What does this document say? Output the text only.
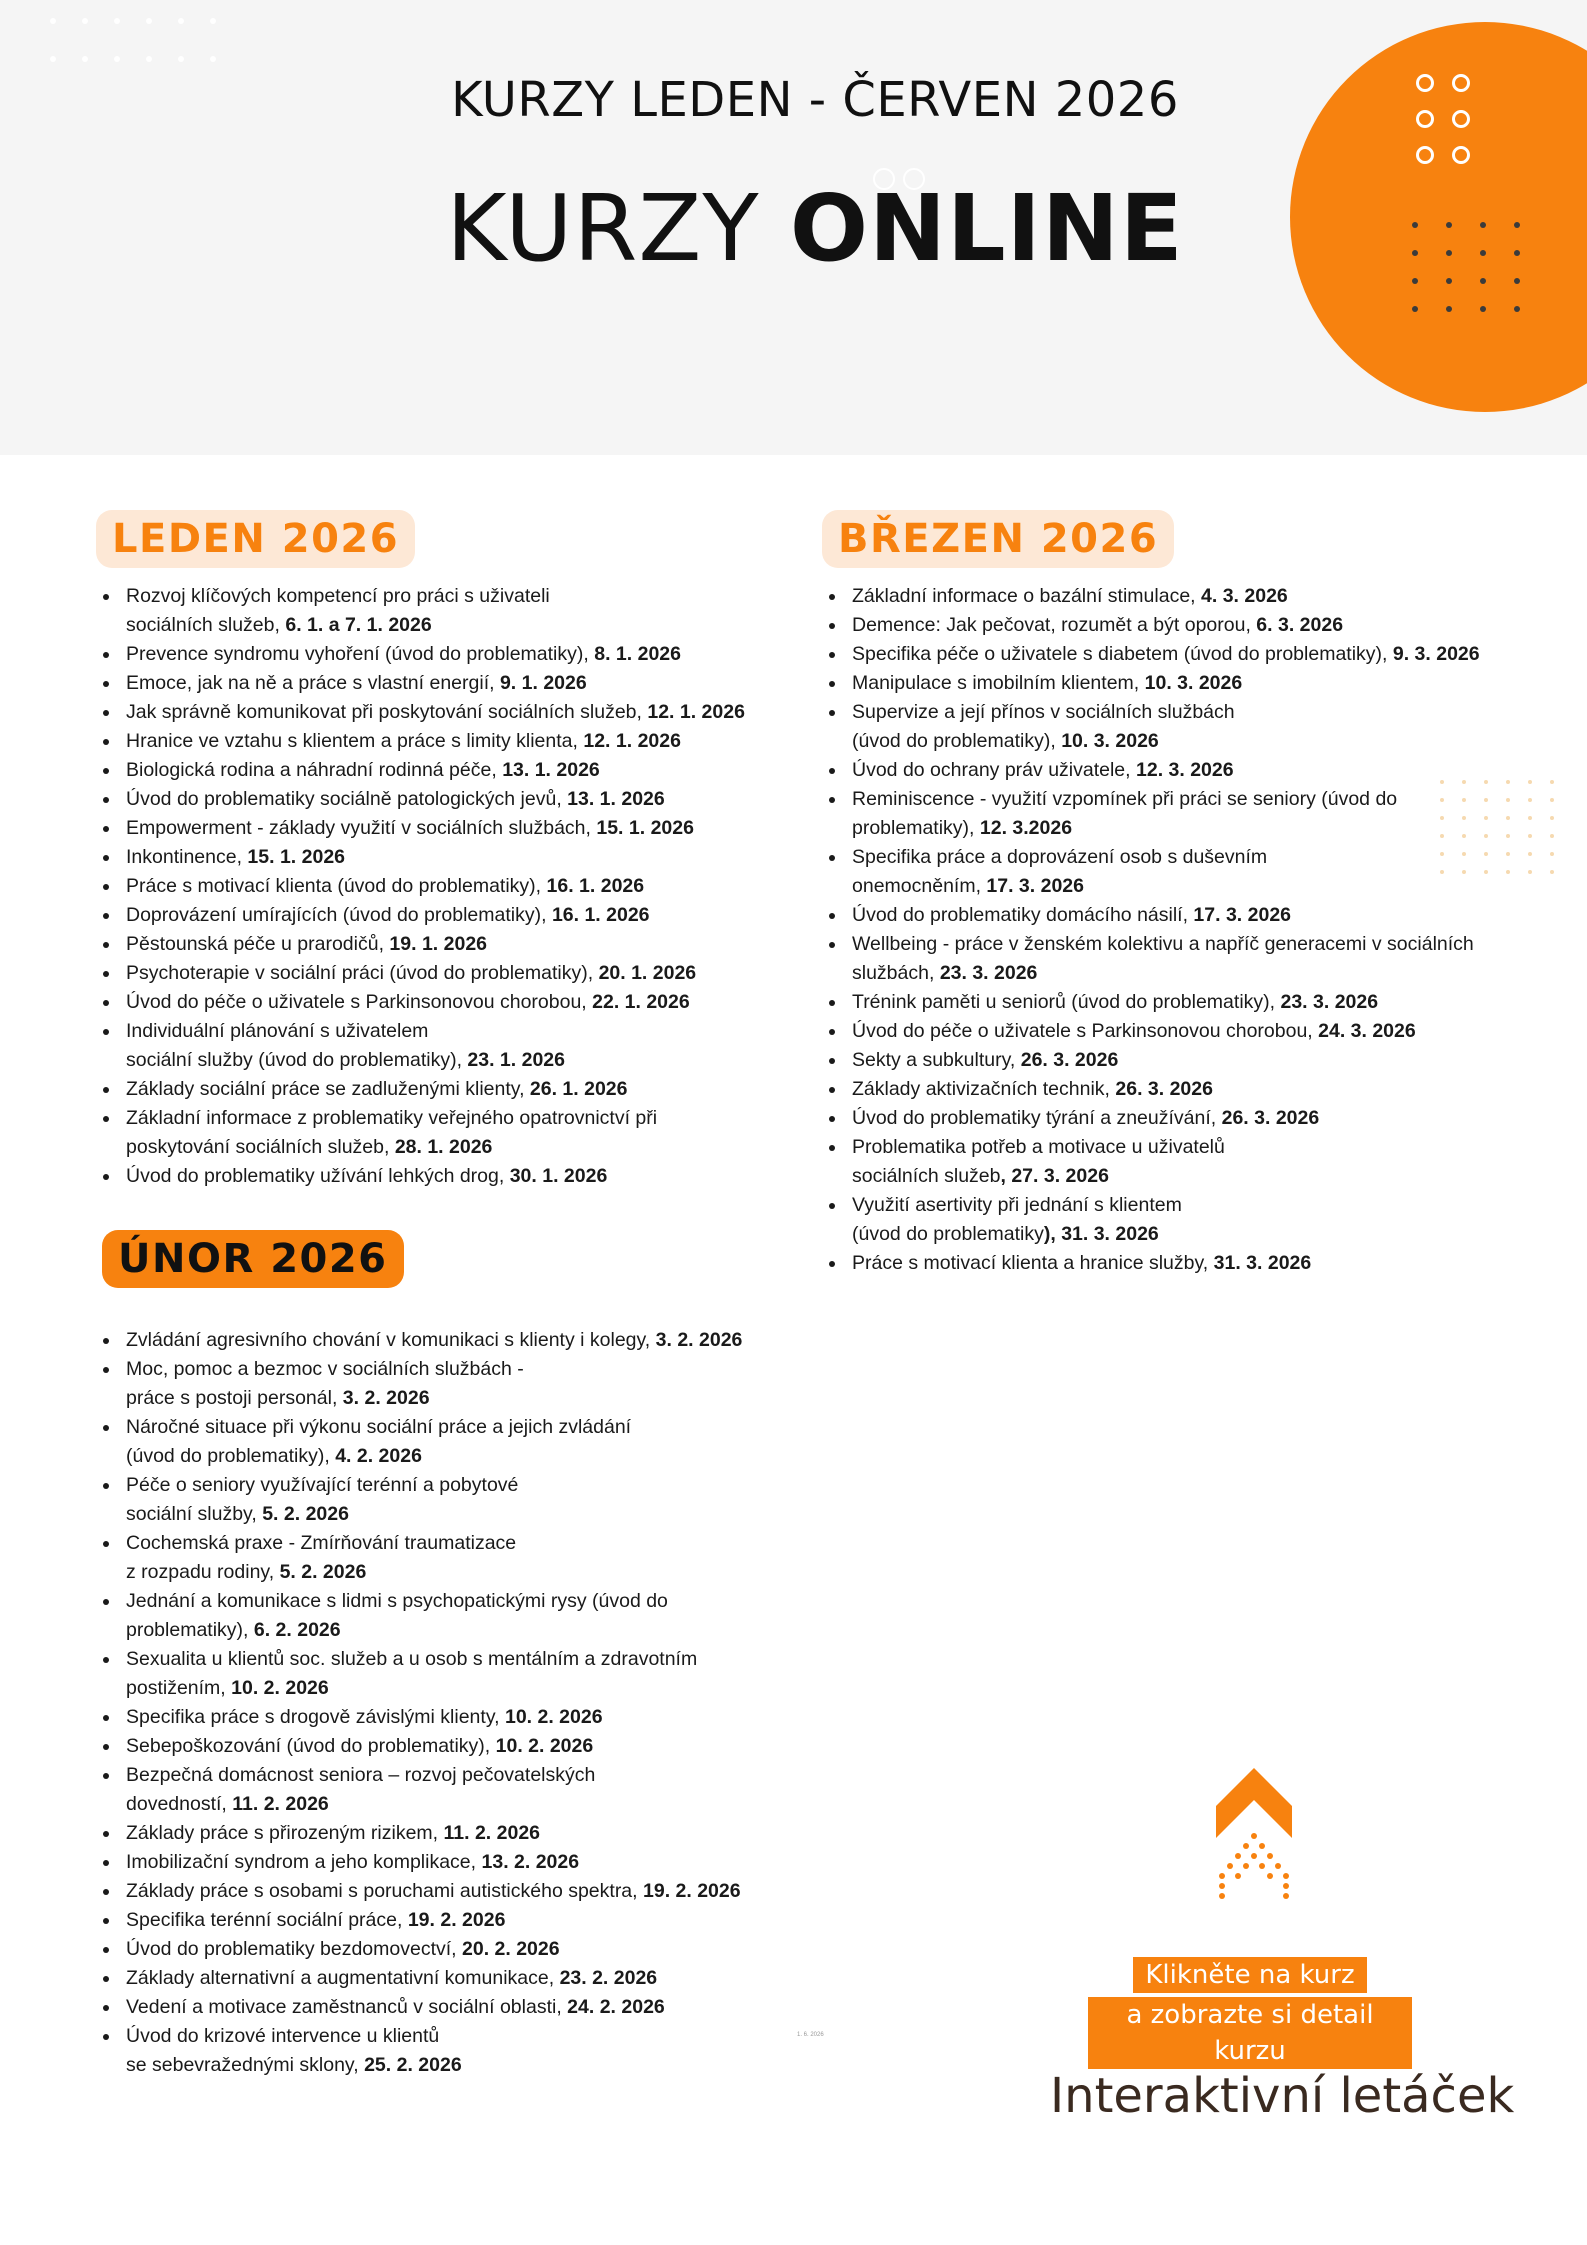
KURZY LEDEN - ČERVEN 2026
KURZY ONLINE
LEDEN 2026
Rozvoj klíčových kompetencí pro práci s uživateli
sociálních služeb, 6. 1. a 7. 1. 2026
Prevence syndromu vyhoření (úvod do problematiky), 8. 1. 2026
Emoce, jak na ně a práce s vlastní energií, 9. 1. 2026
Jak správně komunikovat při poskytování sociálních služeb, 12. 1. 2026
Hranice ve vztahu s klientem a práce s limity klienta, 12. 1. 2026
Biologická rodina a náhradní rodinná péče, 13. 1. 2026
Úvod do problematiky sociálně patologických jevů, 13. 1. 2026
Empowerment - základy využití v sociálních službách, 15. 1. 2026
Inkontinence, 15. 1. 2026
Práce s motivací klienta (úvod do problematiky), 16. 1. 2026
Doprovázení umírajících (úvod do problematiky), 16. 1. 2026
Pěstounská péče u prarodičů, 19. 1. 2026
Psychoterapie v sociální práci (úvod do problematiky), 20. 1. 2026
Úvod do péče o uživatele s Parkinsonovou chorobou, 22. 1. 2026
Individuální plánování s uživatelem
sociální služby (úvod do problematiky), 23. 1. 2026
Základy sociální práce se zadluženými klienty, 26. 1. 2026
Základní informace z problematiky veřejného opatrovnictví při
poskytování sociálních služeb, 28. 1. 2026
Úvod do problematiky užívání lehkých drog, 30. 1. 2026
ÚNOR 2026
Zvládání agresivního chování v komunikaci s klienty i kolegy, 3. 2. 2026
Moc, pomoc a bezmoc v sociálních službách -
práce s postoji personál, 3. 2. 2026
Náročné situace při výkonu sociální práce a jejich zvládání
(úvod do problematiky), 4. 2. 2026
Péče o seniory využívající terénní a pobytové
sociální služby, 5. 2. 2026
Cochemská praxe - Zmírňování traumatizace
z rozpadu rodiny, 5. 2. 2026
Jednání a komunikace s lidmi s psychopatickými rysy (úvod do
problematiky), 6. 2. 2026
Sexualita u klientů soc. služeb a u osob s mentálním a zdravotním
postižením, 10. 2. 2026
Specifika práce s drogově závislými klienty, 10. 2. 2026
Sebepoškozování (úvod do problematiky), 10. 2. 2026
Bezpečná domácnost seniora – rozvoj pečovatelských
dovedností, 11. 2. 2026
Základy práce s přirozeným rizikem, 11. 2. 2026
Imobilizační syndrom a jeho komplikace, 13. 2. 2026
Základy práce s osobami s poruchami autistického spektra, 19. 2. 2026
Specifika terénní sociální práce, 19. 2. 2026
Úvod do problematiky bezdomovectví, 20. 2. 2026
Základy alternativní a augmentativní komunikace, 23. 2. 2026
Vedení a motivace zaměstnanců v sociální oblasti, 24. 2. 2026
Úvod do krizové intervence u klientů
se sebevražednými sklony, 25. 2. 2026
BŘEZEN 2026
Základní informace o bazální stimulace, 4. 3. 2026
Demence: Jak pečovat, rozumět a být oporou, 6. 3. 2026
Specifika péče o uživatele s diabetem (úvod do problematiky), 9. 3. 2026
Manipulace s imobilním klientem, 10. 3. 2026
Supervize a její přínos v sociálních službách
(úvod do problematiky), 10. 3. 2026
Úvod do ochrany práv uživatele, 12. 3. 2026
Reminiscence - využití vzpomínek při práci se seniory (úvod do
problematiky), 12. 3.2026
Specifika práce a doprovázení osob s duševním
onemocněním, 17. 3. 2026
Úvod do problematiky domácího násilí, 17. 3. 2026
Wellbeing - práce v ženském kolektivu a napříč generacemi v sociálních
službách, 23. 3. 2026
Trénink paměti u seniorů (úvod do problematiky), 23. 3. 2026
Úvod do péče o uživatele s Parkinsonovou chorobou, 24. 3. 2026
Sekty a subkultury, 26. 3. 2026
Základy aktivizačních technik, 26. 3. 2026
Úvod do problematiky týrání a zneužívání, 26. 3. 2026
Problematika potřeb a motivace u uživatelů
sociálních služeb, 27. 3. 2026
Využití asertivity při jednání s klientem
(úvod do problematiky), 31. 3. 2026
Práce s motivací klienta a hranice služby, 31. 3. 2026
1. 6. 2026
Klikněte na kurz
a zobrazte si detail kurzu
Interaktivní letáček
